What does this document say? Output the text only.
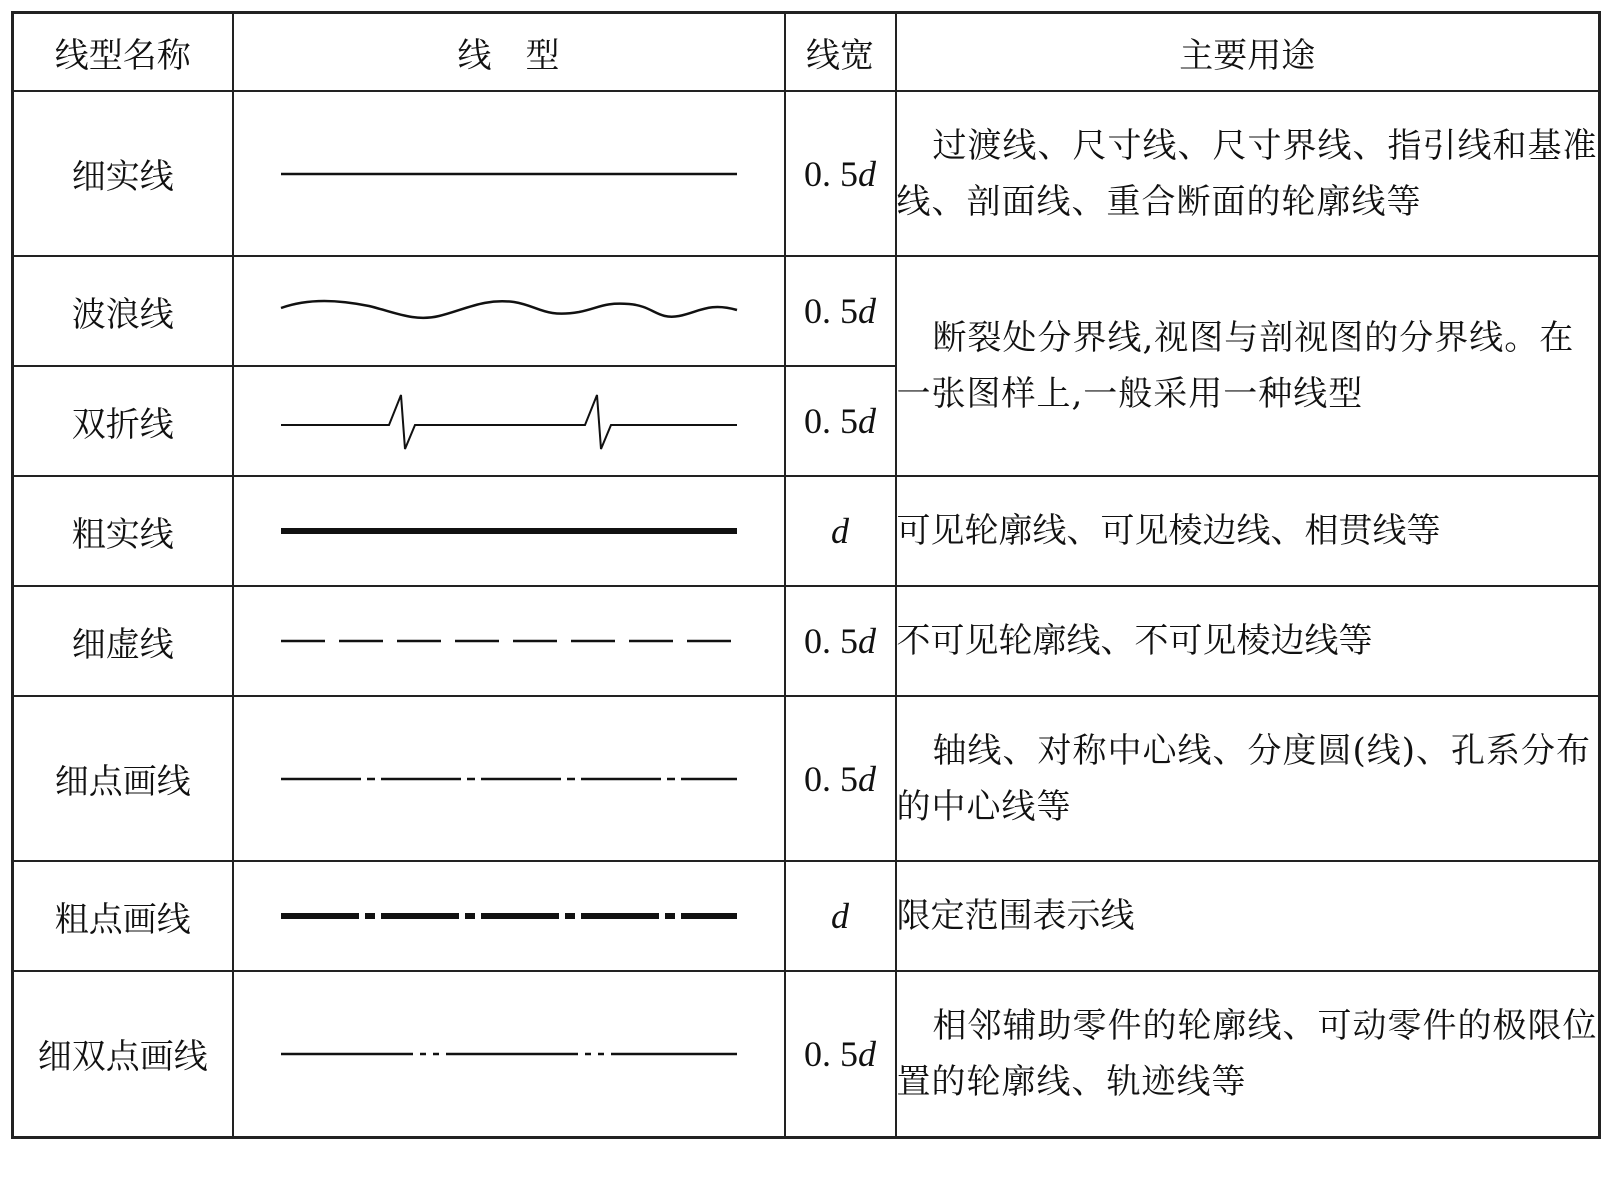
线型名称	线　型	线宽	主要用途
细实线		0. 5d	过渡线、尺寸线、尺寸界线、指引线和基准线、剖面线、重合断面的轮廓线等
波浪线		0. 5d	断裂处分界线,视图与剖视图的分界线。在一张图样上,一般采用一种线型
双折线		0. 5d	
粗实线		d	可见轮廓线、可见棱边线、相贯线等
细虚线		0. 5d	不可见轮廓线、不可见棱边线等
细点画线		0. 5d	轴线、对称中心线、分度圆(线)、孔系分布的中心线等
粗点画线		d	限定范围表示线
细双点画线		0. 5d	相邻辅助零件的轮廓线、可动零件的极限位置的轮廓线、轨迹线等
